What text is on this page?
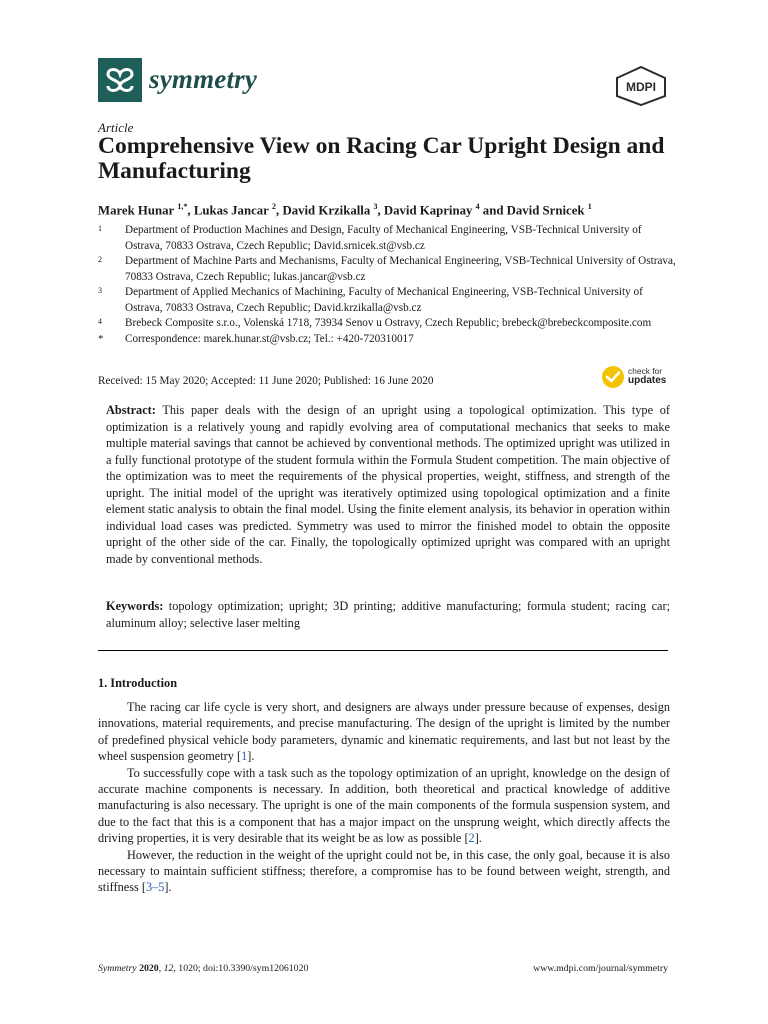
symmetry	MDPI
Article
Comprehensive View on Racing Car Upright Design and Manufacturing
Marek Hunar $^{1,*}$, Lukas Jancar $^2$, David Krzikalla $^3$, David Kaprinay $^4$ and David Srnicek $^1$
1	Department of Production Machines and Design, Faculty of Mechanical Engineering, VSB-Technical University of Ostrava, 70833 Ostrava, Czech Republic; David.srnicek.st@vsb.cz
2	Department of Machine Parts and Mechanisms, Faculty of Mechanical Engineering, VSB-Technical University of Ostrava, 70833 Ostrava, Czech Republic; lukas.jancar@vsb.cz
3	Department of Applied Mechanics of Machining, Faculty of Mechanical Engineering, VSB-Technical University of Ostrava, 70833 Ostrava, Czech Republic; David.krzikalla@vsb.cz
4	Brebeck Composite s.r.o., Volenská 1718, 73934 Senov u Ostravy, Czech Republic; brebeck@brebeckcomposite.com
*	Correspondence: marek.hunar.st@vsb.cz; Tel.: +420-720310017
Received: 15 May 2020; Accepted: 11 June 2020; Published: 16 June 2020
check for
updates

Abstract: This paper deals with the design of an upright using a topological optimization. This type of optimization is a relatively young and rapidly evolving area of computational mechanics that seeks to make multiple material savings that cannot be achieved by conventional methods. The optimized upright was utilized in a fully functional prototype of the student formula within the Formula Student competition. The main objective of the optimization was to meet the requirements of the physical properties, weight, stiffness, and strength of the upright. The initial model of the upright was iteratively optimized using topological optimization and a finite element static analysis to obtain the final model. Using the finite element analysis, its behavior in operation within individual load cases was predicted. Symmetry was used to mirror the finished model to obtain the opposite upright of the other side of the car. Finally, the topologically optimized upright was compared with an upright made by conventional methods.

Keywords: topology optimization; upright; 3D printing; additive manufacturing; formula student; racing car; aluminum alloy; selective laser melting

1. Introduction

The racing car life cycle is very short, and designers are always under pressure because of expenses, design innovations, material requirements, and precise manufacturing. The design of the upright is limited by the number of predefined physical vehicle body parameters, dynamic and kinematic requirements, and last but not least by the wheel suspension geometry [1].

To successfully cope with a task such as the topology optimization of an upright, knowledge on the design of accurate machine components is necessary. In addition, both theoretical and practical knowledge of additive manufacturing is also necessary. The upright is one of the main components of the formula suspension system, and due to the fact that this is a component that has a major impact on the unsprung weight, which directly affects the driving properties, it is very desirable that its weight be as low as possible [2].

However, the reduction in the weight of the upright could not be, in this case, the only goal, because it is also necessary to maintain sufficient stiffness; therefore, a compromise has to be found between weight, strength, and stiffness [3–5].

Symmetry 2020, 12, 1020; doi:10.3390/sym12061020	www.mdpi.com/journal/symmetry
